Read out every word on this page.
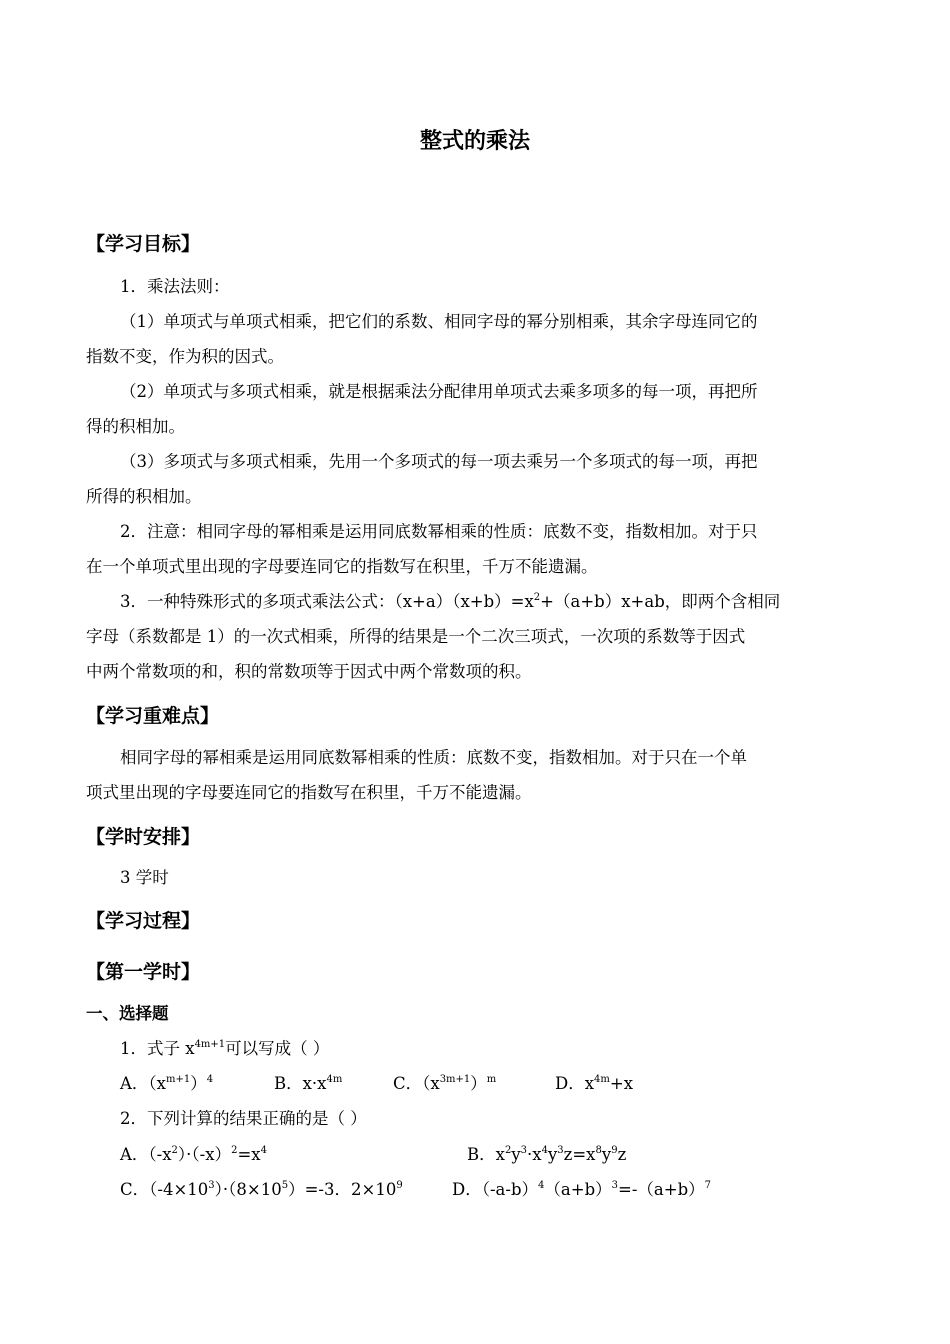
整式的乘法
【学习目标】
1．乘法法则：
（1）单项式与单项式相乘，把它们的系数、相同字母的幂分别相乘，其余字母连同它的
指数不变，作为积的因式。
（2）单项式与多项式相乘，就是根据乘法分配律用单项式去乘多项多的每一项，再把所
得的积相加。
（3）多项式与多项式相乘，先用一个多项式的每一项去乘另一个多项式的每一项，再把
所得的积相加。
2．注意：相同字母的幂相乘是运用同底数幂相乘的性质：底数不变，指数相加。对于只
在一个单项式里出现的字母要连同它的指数写在积里，千万不能遗漏。
3．一种特殊形式的多项式乘法公式：$(x+a)(x+b)=x^2+(a+b)x+ab$，即两个含相同
字母（系数都是 1）的一次式相乘，所得的结果是一个二次三项式，一次项的系数等于因式
中两个常数项的和，积的常数项等于因式中两个常数项的积。
【学习重难点】
相同字母的幂相乘是运用同底数幂相乘的性质：底数不变，指数相加。对于只在一个单
项式里出现的字母要连同它的指数写在积里，千万不能遗漏。
【学时安排】
3 学时
【学习过程】
【第一学时】
一、选择题
1．式子 $x^{4m+1}$可以写成（ ）
A．$(x^{m+1})^4$	B．$x\cdot x^{4m}$	C．$(x^{3m+1})^m$	D．$x^{4m}+x$
2．下列计算的结果正确的是（ ）
A．$(-x^2)\cdot(-x)^2=x^4$	B．$x^2y^3\cdot x^4y^3z=x^8y^9z$
C．$(-4\times 10^3)\cdot(8\times 10^5)=-3$．$2\times 10^9$	D．$(-a-b)^4(a+b)^3=-(a+b)^7$
